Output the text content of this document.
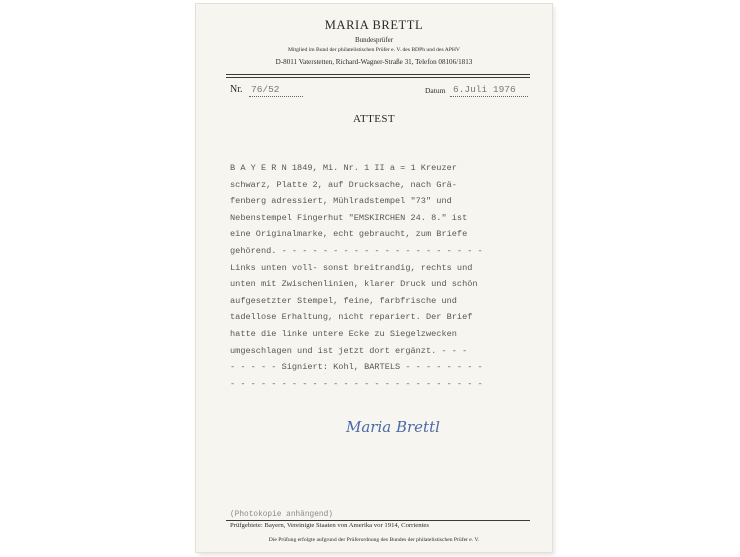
MARIA BRETTL
Bundesprüfer
Mitglied im Bund der philatelistischen Prüfer e. V. des BDPh und des APHV
D-8011 Vaterstetten, Richard-Wagner-Straße 31, Telefon 08106/1813
Nr. 76/52	Datum 6.Juli 1976
ATTEST
B A Y E R N 1849, Mi. Nr. 1 II a = 1 Kreuzer
schwarz, Platte 2, auf Drucksache, nach Grä-
fenberg adressiert, Mühlradstempel "73" und
Nebenstempel Fingerhut "EMSKIRCHEN 24. 8." ist
eine Originalmarke, echt gebraucht, zum Briefe
gehörend. - - - - - - - - - - - - - - - - - - - -
Links unten voll- sonst breitrandig, rechts und
unten mit Zwischenlinien, klarer Druck und schön
aufgesetzter Stempel, feine, farbfrische und
tadellose Erhaltung, nicht repariert. Der Brief
hatte die linke untere Ecke zu Siegelzwecken
umgeschlagen und ist jetzt dort ergänzt. - - -
- - - - - Signiert: Kohl, BARTELS - - - - - - - -
- - - - - - - - - - - - - - - - - - - - - - - - -
Maria Brettl
(Photokopie anhängend)
Prüfgebiete: Bayern, Vereinigte Staaten von Amerika vor 1914, Corrientes
Die Prüfung erfolgte aufgrund der Prüferordnung des Bundes der philatelistischen Prüfer e. V.
